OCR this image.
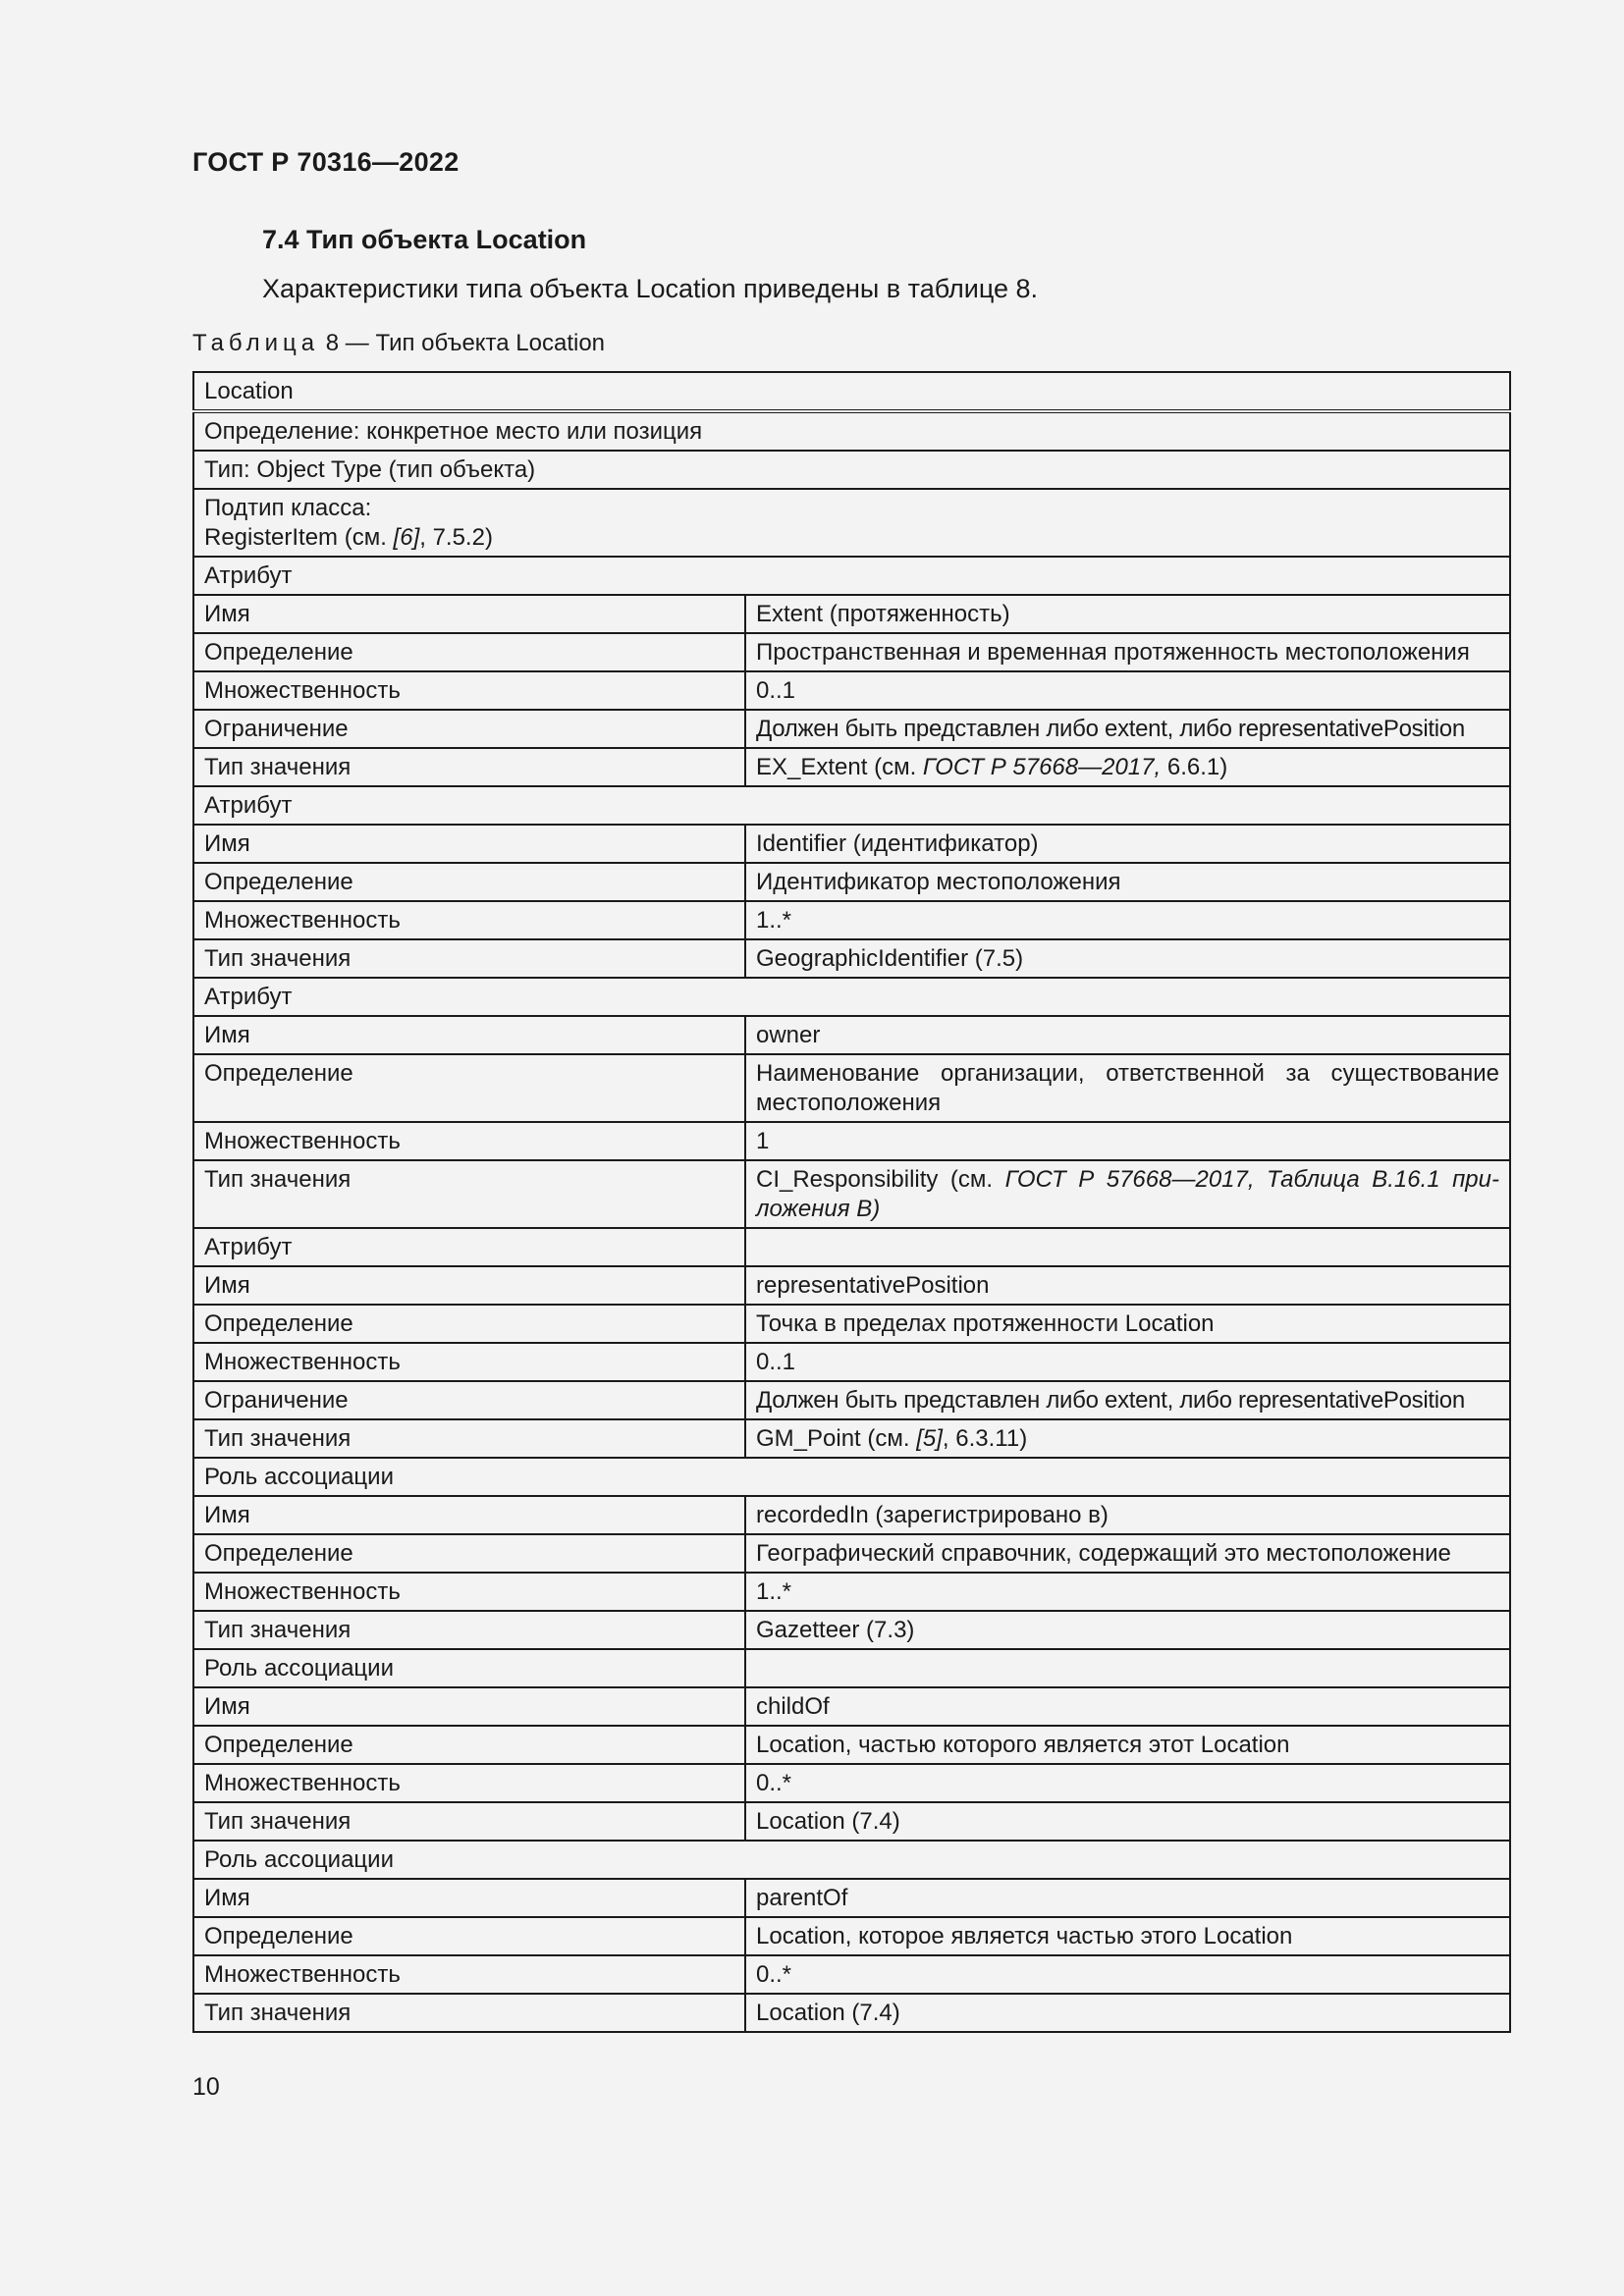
ГОСТ Р 70316—2022
7.4 Тип объекта Location
Характеристики типа объекта Location приведены в таблице 8.
Таблица 8 — Тип объекта Location
Location	
Определение: конкретное место или позиция	
Тип: Object Type (тип объекта)	

Подтип класса:
RegisterItem (см. [6], 7.5.2)	

Атрибут	
Имя	Extent (протяженность)
Определение	Пространственная и временная протяженность местоположения
Множественность	0..1
Ограничение	Должен быть представлен либо extent, либо representativePosition
Тип значения	EX_Extent (см. ГОСТ Р 57668—2017, 6.6.1)
Атрибут	
Имя	Identifier (идентификатор)
Определение	Идентификатор местоположения
Множественность	1..*
Тип значения	GeographicIdentifier (7.5)
Атрибут	
Имя	owner
Определение	Наименование организации, ответственной за существование местоположения
Множественность	1
Тип значения	CI_Responsibility (см. ГОСТ Р 57668—2017, Таблица В.16.1 приложения В)
Атрибут	
Имя	representativePosition
Определение	Точка в пределах протяженности Location
Множественность	0..1
Ограничение	Должен быть представлен либо extent, либо representativePosition
Тип значения	GM_Point (см. [5], 6.3.11)
Роль ассоциации	
Имя	recordedIn (зарегистрировано в)
Определение	Географический справочник, содержащий это местоположение
Множественность	1..*
Тип значения	Gazetteer (7.3)
Роль ассоциации	
Имя	childOf
Определение	Location, частью которого является этот Location
Множественность	0..*
Тип значения	Location (7.4)
Роль ассоциации	
Имя	parentOf
Определение	Location, которое является частью этого Location
Множественность	0..*
Тип значения	Location (7.4)
10
